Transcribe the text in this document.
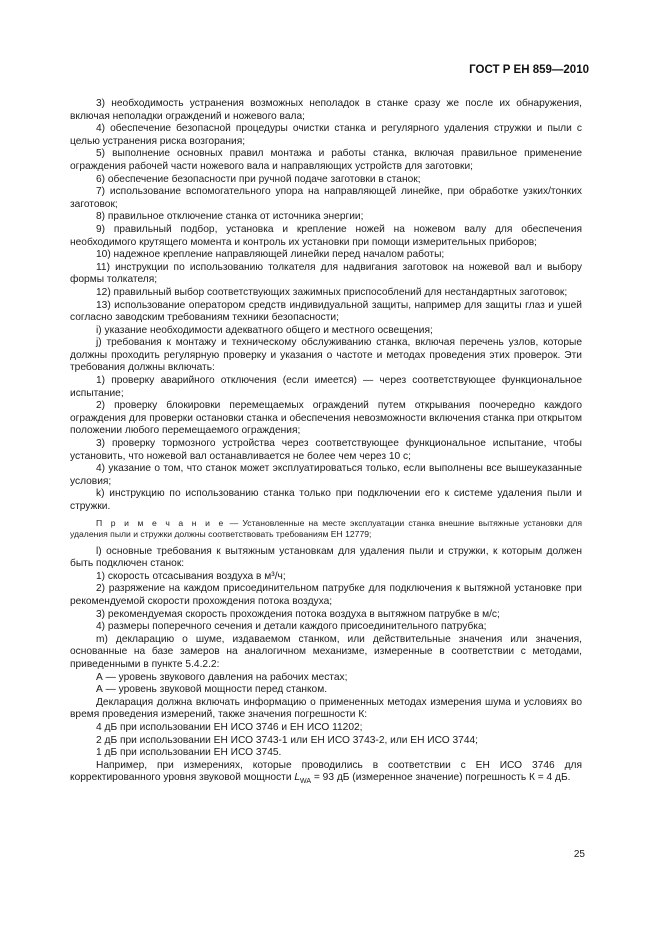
ГОСТ Р ЕН 859—2010

3) необходимость устранения возможных неполадок в станке сразу же после их обнаружения, включая неполадки ограждений и ножевого вала;

4) обеспечение безопасной процедуры очистки станка и регулярного удаления стружки и пыли с целью устранения риска возгорания;

5) выполнение основных правил монтажа и работы станка, включая правильное применение ограждения рабочей части ножевого вала и направляющих устройств для заготовки;

6) обеспечение безопасности при ручной подаче заготовки в станок;

7) использование вспомогательного упора на направляющей линейке, при обработке узких/тонких заготовок;

8) правильное отключение станка от источника энергии;

9) правильный подбор, установка и крепление ножей на ножевом валу для обеспечения необходимого крутящего момента и контроль их установки при помощи измерительных приборов;

10) надежное крепление направляющей линейки перед началом работы;

11) инструкции по использованию толкателя для надвигания заготовок на ножевой вал и выбору формы толкателя;

12) правильный выбор соответствующих зажимных приспособлений для нестандартных заготовок;

13) использование оператором средств индивидуальной защиты, например для защиты глаз и ушей согласно заводским требованиям техники безопасности;

i) указание необходимости адекватного общего и местного освещения;

j) требования к монтажу и техническому обслуживанию станка, включая перечень узлов, которые должны проходить регулярную проверку и указания о частоте и методах проведения этих проверок. Эти требования должны включать:

1) проверку аварийного отключения (если имеется) — через соответствующее функциональное испытание;

2) проверку блокировки перемещаемых ограждений путем открывания поочередно каждого ограждения для проверки остановки станка и обеспечения невозможности включения станка при открытом положении любого перемещаемого ограждения;

3) проверку тормозного устройства через соответствующее функциональное испытание, чтобы установить, что ножевой вал останавливается не более чем через 10 с;

4) указание о том, что станок может эксплуатироваться только, если выполнены все вышеуказанные условия;

k) инструкцию по использованию станка только при подключении его к системе удаления пыли и стружки.

П р и м е ч а н и е — Установленные на месте эксплуатации станка внешние вытяжные установки для удаления пыли и стружки должны соответствовать требованиям ЕН 12779;

l) основные требования к вытяжным установкам для удаления пыли и стружки, к которым должен быть подключен станок:

1) скорость отсасывания воздуха в м³/ч;

2) разряжение на каждом присоединительном патрубке для подключения к вытяжной установке при рекомендуемой скорости прохождения потока воздуха;

3) рекомендуемая скорость прохождения потока воздуха в вытяжном патрубке в м/с;

4) размеры поперечного сечения и детали каждого присоединительного патрубка;

m) декларацию о шуме, издаваемом станком, или действительные значения или значения, основанные на базе замеров на аналогичном механизме, измеренные в соответствии с методами, приведенными в пункте 5.4.2.2:

А — уровень звукового давления на рабочих местах;

А — уровень звуковой мощности перед станком.

Декларация должна включать информацию о примененных методах измерения шума и условиях во время проведения измерений, также значения погрешности К:

4 дБ при использовании ЕН ИСО 3746 и ЕН ИСО 11202;

2 дБ при использовании ЕН ИСО 3743-1 или ЕН ИСО 3743-2, или ЕН ИСО 3744;

1 дБ при использовании ЕН ИСО 3745.

Например, при измерениях, которые проводились в соответствии с ЕН ИСО 3746 для корректированного уровня звуковой мощности $L_{WA} = 93$ дБ (измеренное значение) погрешность К = 4 дБ.

25
